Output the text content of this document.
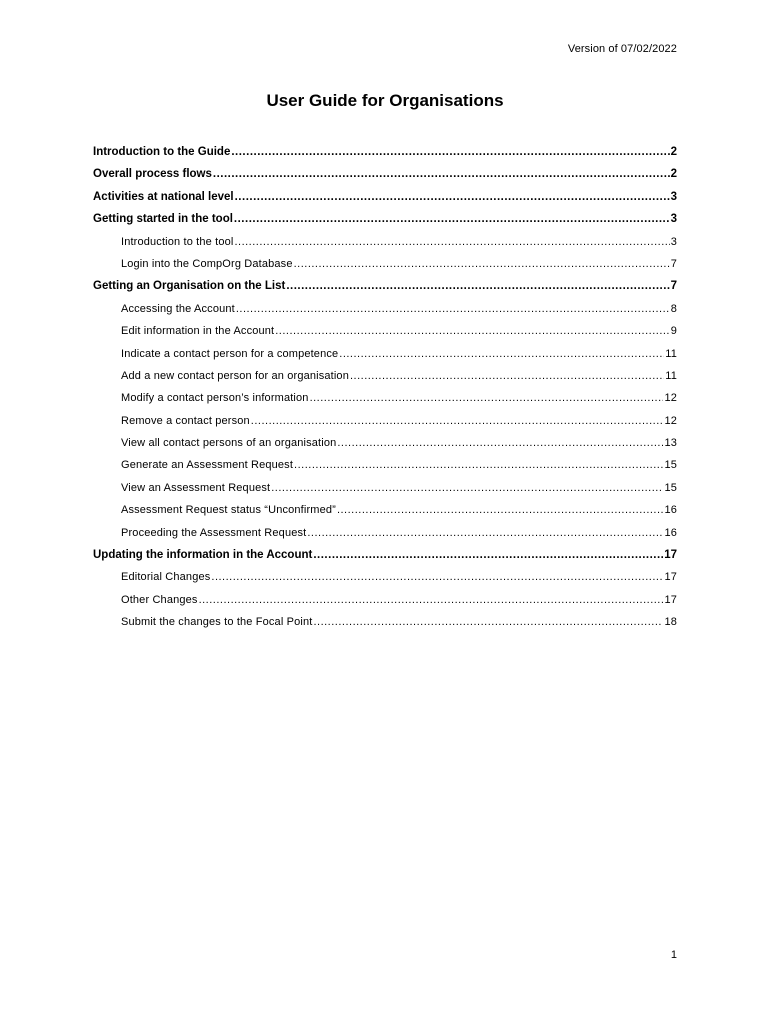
Version of 07/02/2022
User Guide for Organisations
Introduction to the Guide .....	2
Overall process flows .....	2
Activities at national level .....	3
Getting started in the tool .....	3
Introduction to the tool .....	3
Login into the CompOrg Database .....	7
Getting an Organisation on the List .....	7
Accessing the Account .....	8
Edit information in the Account .....	9
Indicate a contact person for a competence .....	11
Add a new contact person for an organisation .....	11
Modify a contact person’s information .....	12
Remove a contact person .....	12
View all contact persons of an organisation .....	13
Generate an Assessment Request .....	15
View an Assessment Request .....	15
Assessment Request status “Unconfirmed” .....	16
Proceeding the Assessment Request .....	16
Updating the information in the Account .....	17
Editorial Changes .....	17
Other Changes .....	17
Submit the changes to the Focal Point .....	18
1
